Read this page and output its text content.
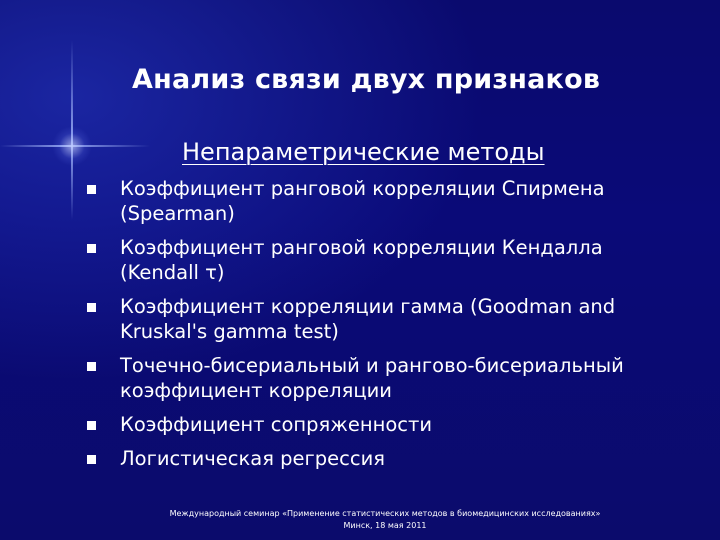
Анализ связи двух признаков
Непараметрические методы
Коэффициент ранговой корреляции Спирмена (Spearman)
Коэффициент ранговой корреляции Кендалла (Kendall τ)
Коэффициент корреляции гамма (Goodman and Kruskal's gamma test)
Точечно-бисериальный и рангово-бисериальный коэффициент корреляции
Коэффициент сопряженности
Логистическая регрессия
Международный семинар «Применение статистических методов в биомедицинских исследованиях»
Минск, 18 мая 2011
